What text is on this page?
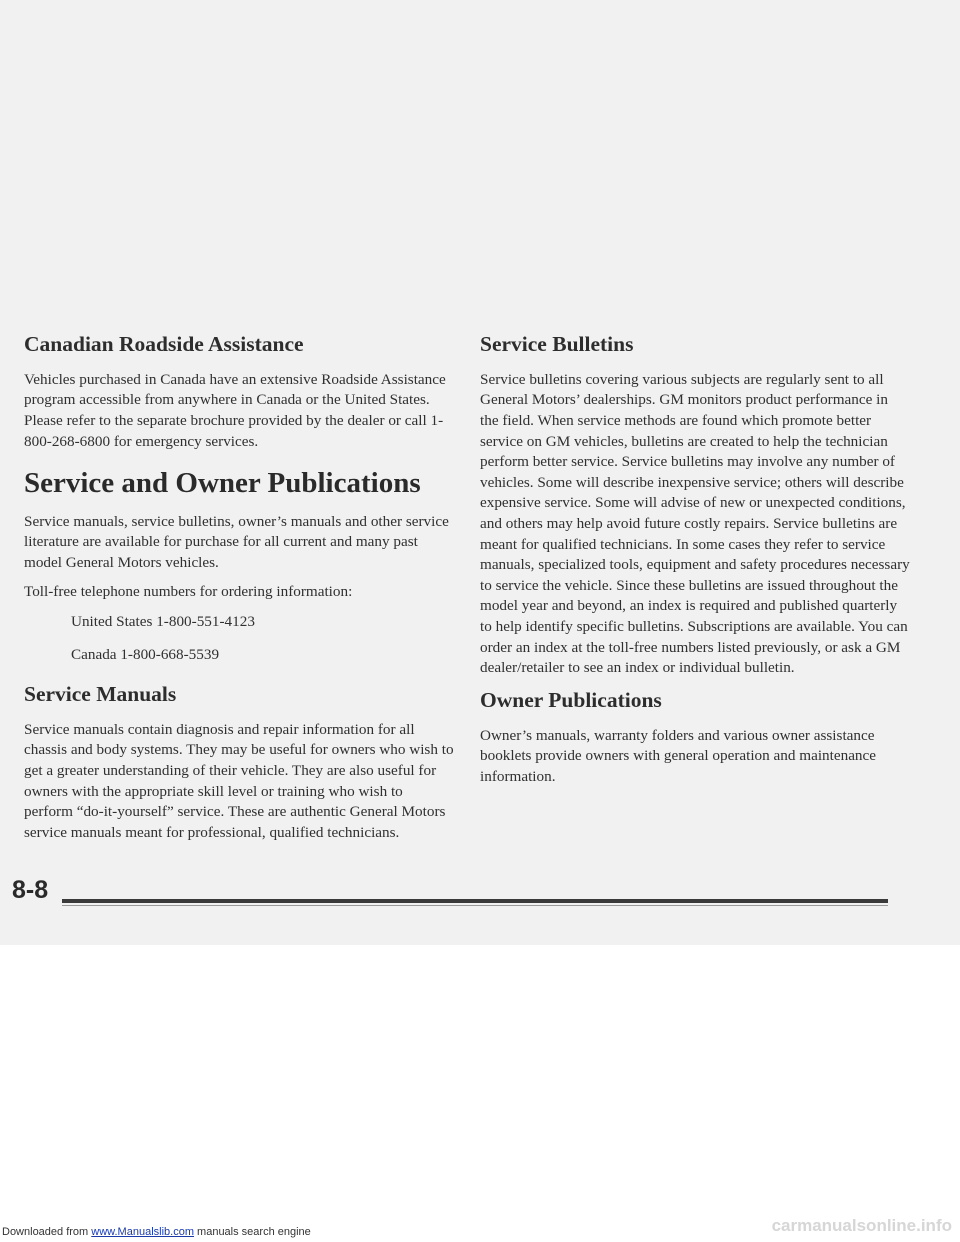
Canadian Roadside Assistance

Vehicles purchased in Canada have an extensive Roadside Assistance program accessible from anywhere in Canada or the United States. Please refer to the separate brochure provided by the dealer or call 1-800-268-6800 for emergency services.

Service and Owner Publications

Service manuals, service bulletins, owner’s manuals and other service literature are available for purchase for all current and many past model General Motors vehicles.

Toll-free telephone numbers for ordering information:

United States 1-800-551-4123

Canada 1-800-668-5539

Service Manuals

Service manuals contain diagnosis and repair information for all chassis and body systems. They may be useful for owners who wish to get a greater understanding of their vehicle. They are also useful for owners with the appropriate skill level or training who wish to perform “do-it-yourself” service. These are authentic General Motors service manuals meant for professional, qualified technicians.

Service Bulletins

Service bulletins covering various subjects are regularly sent to all General Motors’ dealerships. GM monitors product performance in the field. When service methods are found which promote better service on GM vehicles, bulletins are created to help the technician perform better service. Service bulletins may involve any number of vehicles. Some will describe inexpensive service; others will describe expensive service. Some will advise of new or unexpected conditions, and others may help avoid future costly repairs. Service bulletins are meant for qualified technicians. In some cases they refer to service manuals, specialized tools, equipment and safety procedures necessary to service the vehicle. Since these bulletins are issued throughout the model year and beyond, an index is required and published quarterly to help identify specific bulletins. Subscriptions are available. You can order an index at the toll-free numbers listed previously, or ask a GM dealer/retailer to see an index or individual bulletin.

Owner Publications

Owner’s manuals, warranty folders and various owner assistance booklets provide owners with general operation and maintenance information.

8-8
Downloaded from www.Manualslib.com manuals search engine	carmanualsonline.info
